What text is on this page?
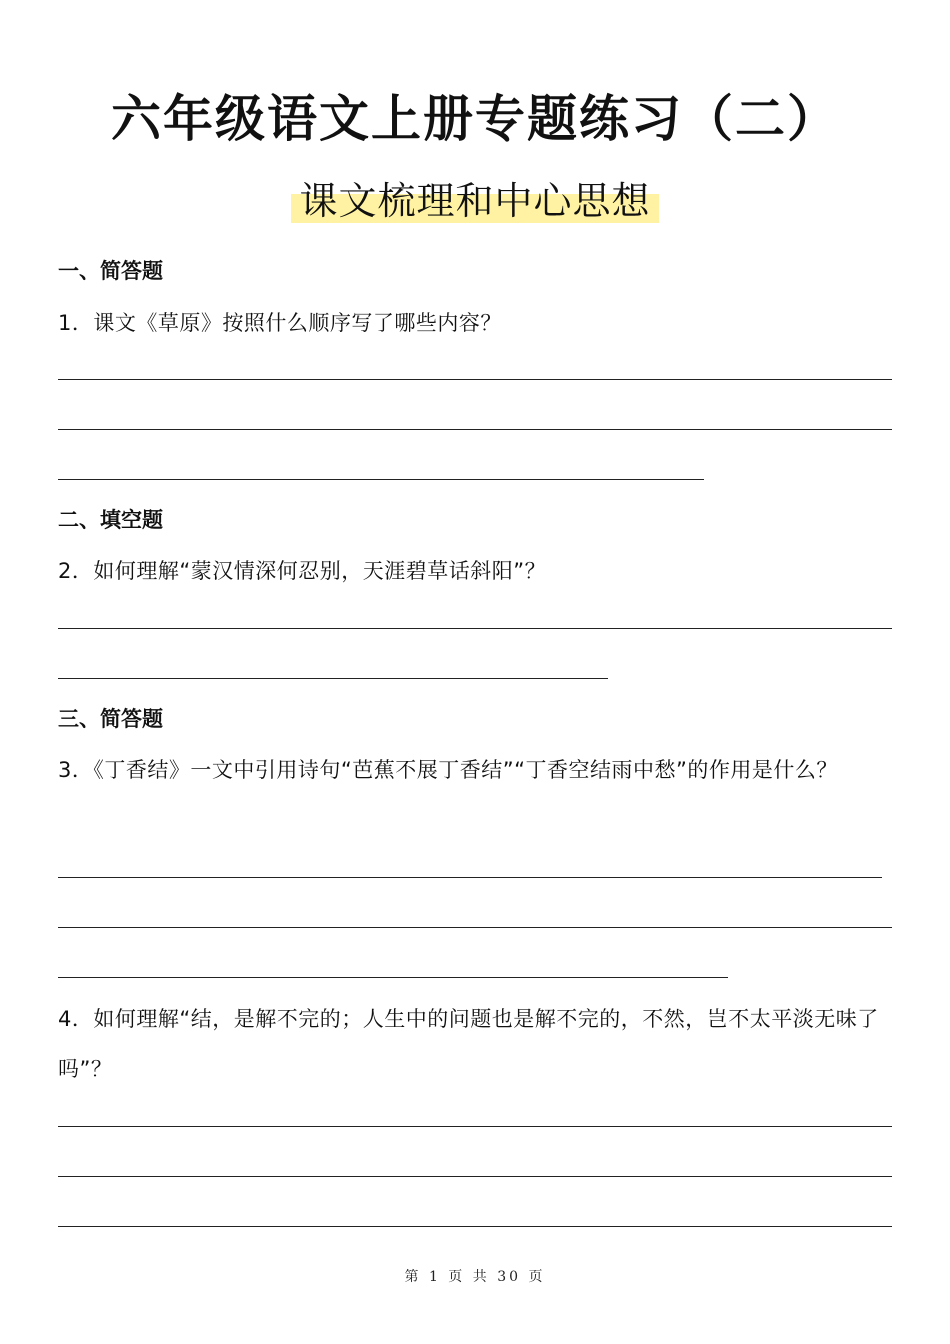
六年级语文上册专题练习（二）
课文梳理和中心思想
一、简答题
1．课文《草原》按照什么顺序写了哪些内容？
二、填空题
2．如何理解“蒙汉情深何忍别，天涯碧草话斜阳”？
三、简答题
3．《丁香结》一文中引用诗句“芭蕉不展丁香结”“丁香空结雨中愁”的作用是什么？
4．如何理解“结，是解不完的；人生中的问题也是解不完的，不然，岂不太平淡无味了吗”？
第 1 页 共 30 页
